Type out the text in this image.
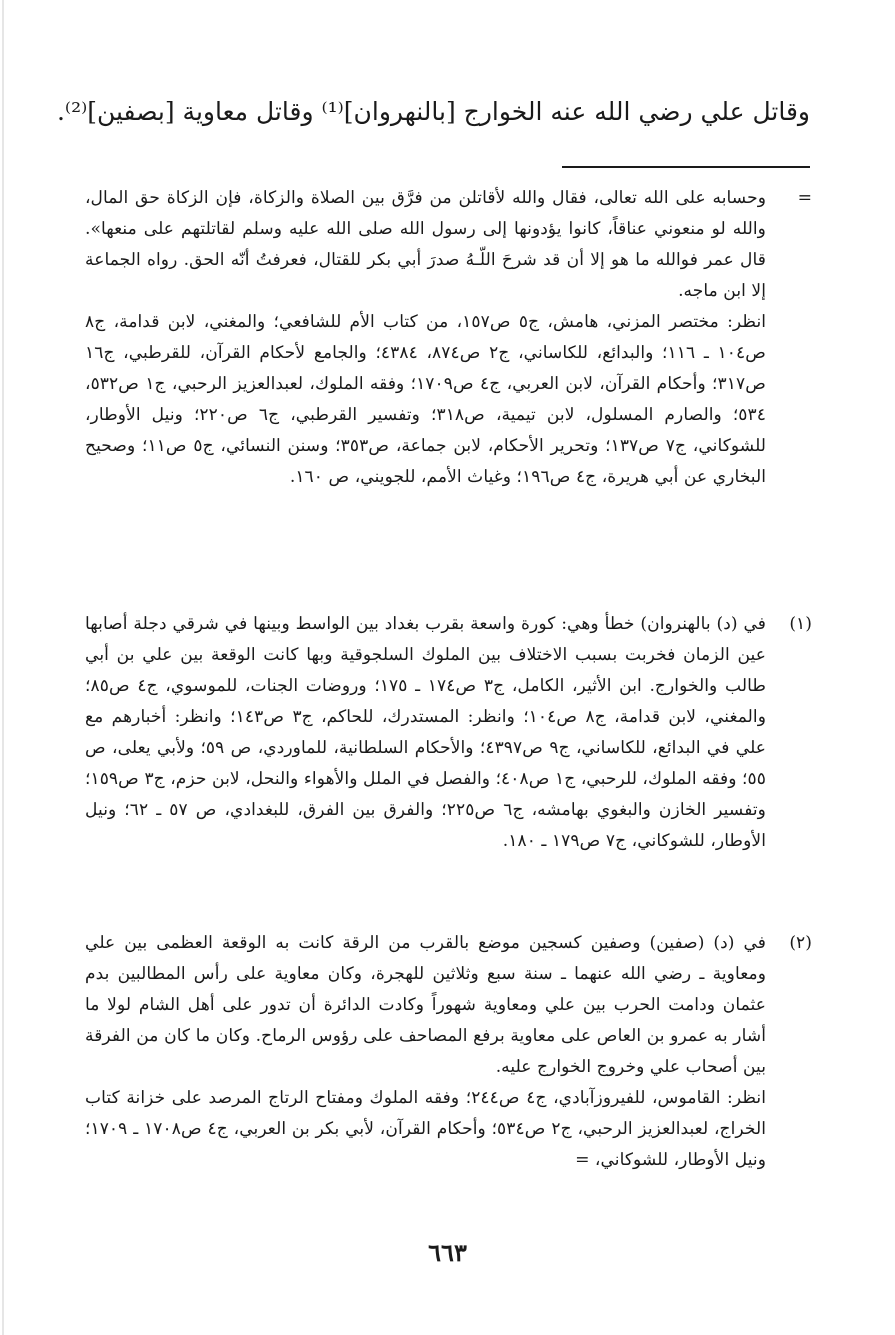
وقاتل علي رضي الله عنه الخوارج [بالنهروان]⁽¹⁾ وقاتل معاوية [بصفين]⁽²⁾.
=

وحسابه على الله تعالى، فقال والله لأقاتلن من فرَّق بين الصلاة والزكاة، فإن الزكاة حق المال، والله لو منعوني عناقاً، كانوا يؤدونها إلى رسول الله صلى الله عليه وسلم لقاتلتهم على منعها». قال عمر فوالله ما هو إلا أن قد شرحَ اللّـهُ صدرَ أبي بكر للقتال، فعرفتُ أنّه الحق. رواه الجماعة إلا ابن ماجه.

انظر: مختصر المزني، هامش، ج٥ ص١٥٧، من كتاب الأم للشافعي؛ والمغني، لابن قدامة، ج٨ ص١٠٤ ـ ١١٦؛ والبدائع، للكاساني، ج٢ ص٨٧٤، ٤٣٨٤؛ والجامع لأحكام القرآن، للقرطبي، ج١٦ ص٣١٧؛ وأحكام القرآن، لابن العربي، ج٤ ص١٧٠٩؛ وفقه الملوك، لعبدالعزيز الرحبي، ج١ ص٥٣٢، ٥٣٤؛ والصارم المسلول، لابن تيمية، ص٣١٨؛ وتفسير القرطبي، ج٦ ص٢٢٠؛ ونيل الأوطار، للشوكاني، ج٧ ص١٣٧؛ وتحرير الأحكام، لابن جماعة، ص٣٥٣؛ وسنن النسائي، ج٥ ص١١؛ وصحيح البخاري عن أبي هريرة، ج٤ ص١٩٦؛ وغياث الأمم، للجويني، ص ١٦٠.

(١)

في (د) بالهنروان) خطأ وهي: كورة واسعة بقرب بغداد بين الواسط وبينها في شرقي دجلة أصابها عين الزمان فخربت بسبب الاختلاف بين الملوك السلجوقية وبها كانت الوقعة بين علي بن أبي طالب والخوارج. ابن الأثير، الكامل، ج٣ ص١٧٤ ـ ١٧٥؛ وروضات الجنات، للموسوي، ج٤ ص٨٥؛ والمغني، لابن قدامة، ج٨ ص١٠٤؛ وانظر: المستدرك، للحاكم، ج٣ ص١٤٣؛ وانظر: أخبارهم مع علي في البدائع، للكاساني، ج٩ ص٤٣٩٧؛ والأحكام السلطانية، للماوردي، ص ٥٩؛ ولأبي يعلى، ص ٥٥؛ وفقه الملوك، للرحبي، ج١ ص٤٠٨؛ والفصل في الملل والأهواء والنحل، لابن حزم، ج٣ ص١٥٩؛ وتفسير الخازن والبغوي بهامشه، ج٦ ص٢٢٥؛ والفرق بين الفرق، للبغدادي، ص ٥٧ ـ ٦٢؛ ونيل الأوطار، للشوكاني، ج٧ ص١٧٩ ـ ١٨٠.

(٢)

في (د) (صفين) وصفين كسجين موضع بالقرب من الرقة كانت به الوقعة العظمى بين علي ومعاوية ـ رضي الله عنهما ـ سنة سبع وثلاثين للهجرة، وكان معاوية على رأس المطالبين بدم عثمان ودامت الحرب بين علي ومعاوية شهوراً وكادت الدائرة أن تدور على أهل الشام لولا ما أشار به عمرو بن العاص على معاوية برفع المصاحف على رؤوس الرماح. وكان ما كان من الفرقة بين أصحاب علي وخروج الخوارج عليه.

انظر: القاموس، للفيروزآبادي، ج٤ ص٢٤٤؛ وفقه الملوك ومفتاح الرتاج المرصد على خزانة كتاب الخراج، لعبدالعزيز الرحبي، ج٢ ص٥٣٤؛ وأحكام القرآن، لأبي بكر بن العربي، ج٤ ص١٧٠٨ ـ ١٧٠٩؛ ونيل الأوطار، للشوكاني، =

٦٦٣
